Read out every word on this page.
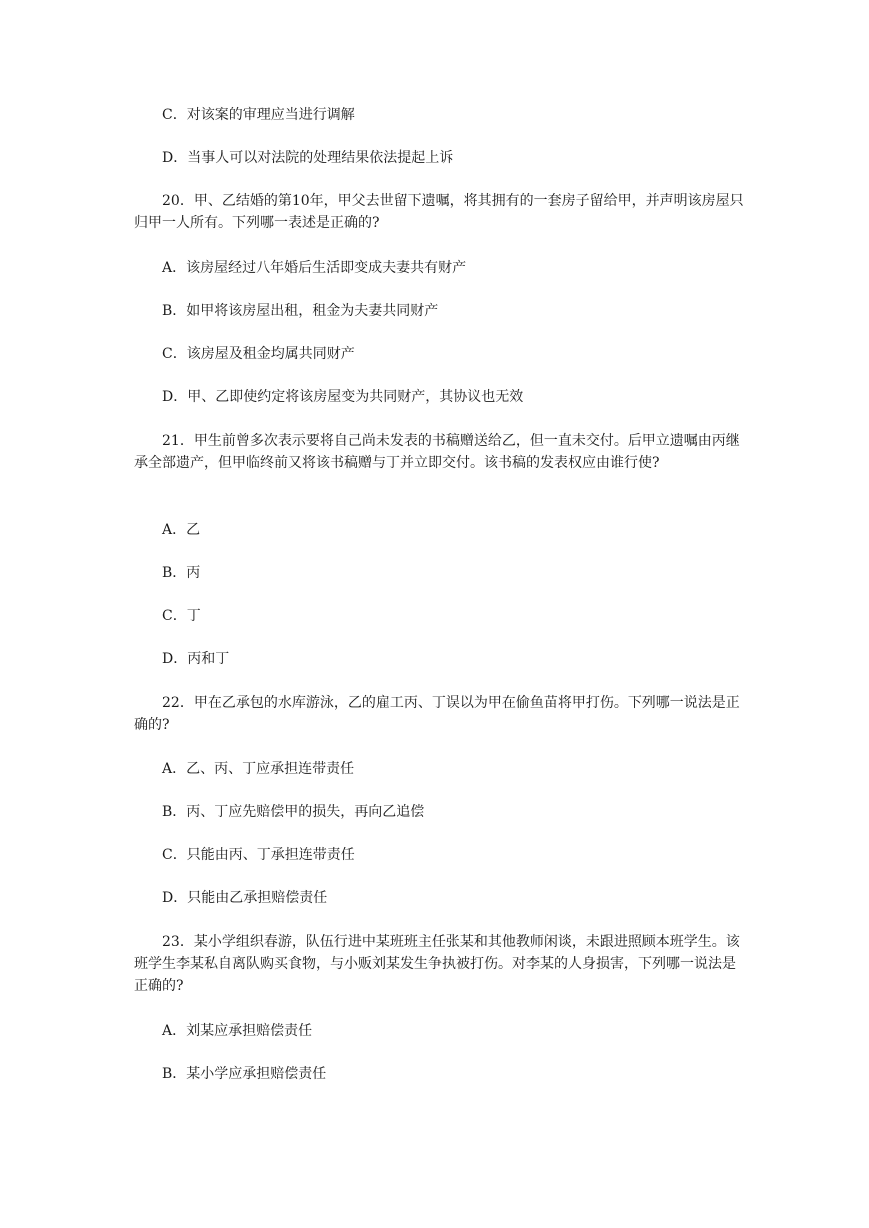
C．对该案的审理应当进行调解
D．当事人可以对法院的处理结果依法提起上诉
20．甲、乙结婚的第10年，甲父去世留下遗嘱，将其拥有的一套房子留给甲，并声明该房屋只归甲一人所有。下列哪一表述是正确的?
A．该房屋经过八年婚后生活即变成夫妻共有财产
B．如甲将该房屋出租，租金为夫妻共同财产
C．该房屋及租金均属共同财产
D．甲、乙即使约定将该房屋变为共同财产，其协议也无效
21．甲生前曾多次表示要将自己尚未发表的书稿赠送给乙，但一直未交付。后甲立遗嘱由丙继承全部遗产，但甲临终前又将该书稿赠与丁并立即交付。该书稿的发表权应由谁行使?
A．乙
B．丙
C．丁
D．丙和丁
22．甲在乙承包的水库游泳，乙的雇工丙、丁误以为甲在偷鱼苗将甲打伤。下列哪一说法是正确的?
A．乙、丙、丁应承担连带责任
B．丙、丁应先赔偿甲的损失，再向乙追偿
C．只能由丙、丁承担连带责任
D．只能由乙承担赔偿责任
23．某小学组织春游，队伍行进中某班班主任张某和其他教师闲谈，未跟进照顾本班学生。该班学生李某私自离队购买食物，与小贩刘某发生争执被打伤。对李某的人身损害，下列哪一说法是正确的?
A．刘某应承担赔偿责任
B．某小学应承担赔偿责任
